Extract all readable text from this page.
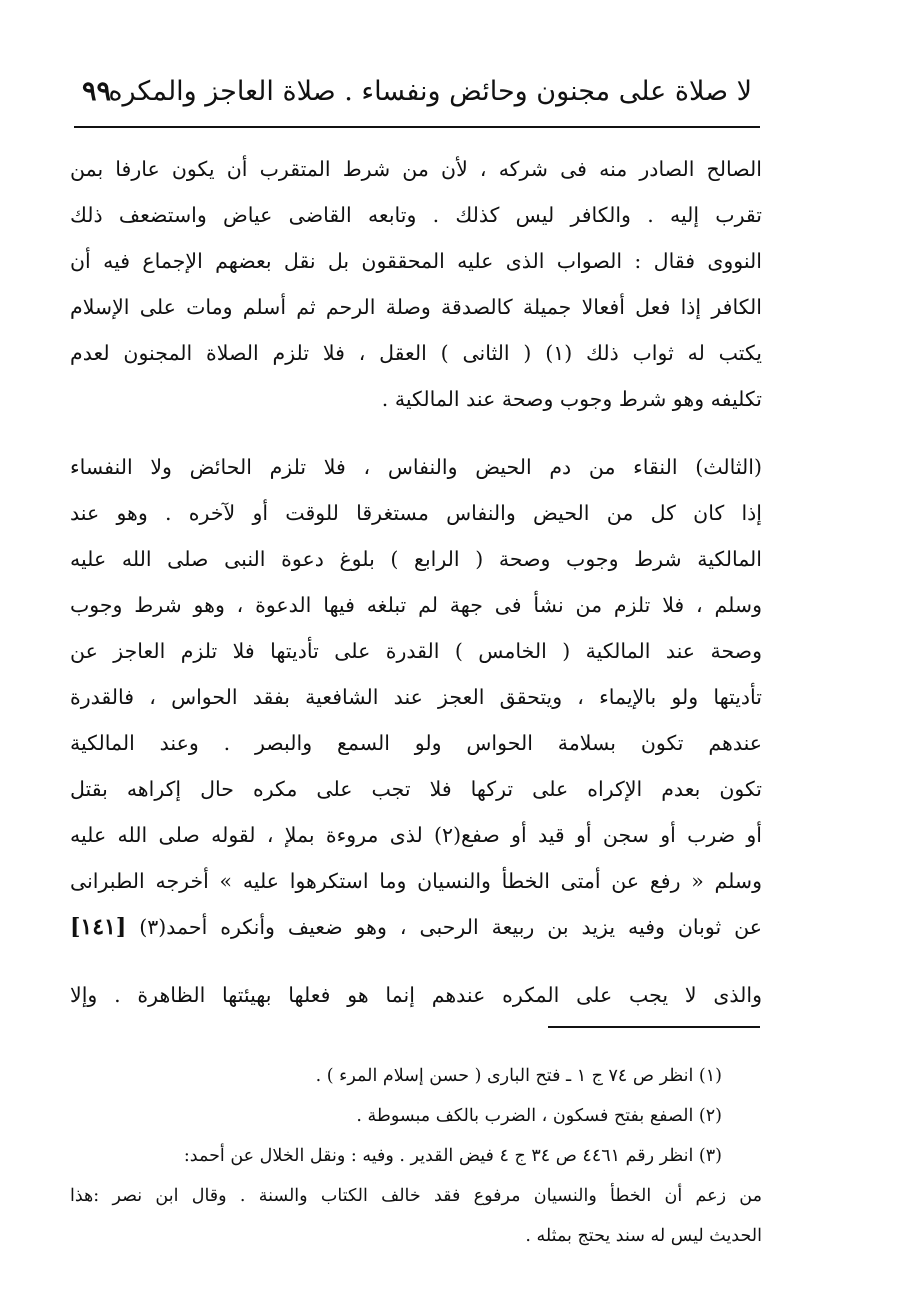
لا صلاة على مجنون وحائض ونفساء . صلاة العاجز والمكره
٩٩
الصالح الصادر منه فى شركه ، لأن من شرط المتقرب أن يكون عارفا بمن
تقرب إليه . والكافر ليس كذلك . وتابعه القاضى عياض واستضعف ذلك
النووى فقال : الصواب الذى عليه المحققون بل نقل بعضهم الإجماع فيه أن
الكافر إذا فعل أفعالا جميلة كالصدقة وصلة الرحم ثم أسلم ومات على الإسلام
يكتب له ثواب ذلك (١) ( الثانى ) العقل ، فلا تلزم الصلاة المجنون لعدم
تكليفه وهو شرط وجوب وصحة عند المالكية .
(الثالث) النقاء من دم الحيض والنفاس ، فلا تلزم الحائض ولا النفساء
إذا كان كل من الحيض والنفاس مستغرقا للوقت أو لآخره . وهو عند
المالكية شرط وجوب وصحة ( الرابع ) بلوغ دعوة النبى صلى الله عليه
وسلم ، فلا تلزم من نشأ فى جهة لم تبلغه فيها الدعوة ، وهو شرط وجوب
وصحة عند المالكية ( الخامس ) القدرة على تأديتها فلا تلزم العاجز عن
تأديتها ولو بالإيماء ، ويتحقق العجز عند الشافعية بفقد الحواس ، فالقدرة
عندهم تكون بسلامة الحواس ولو السمع والبصر . وعند المالكية
تكون بعدم الإكراه على تركها فلا تجب على مكره حال إكراهه بقتل
أو ضرب أو سجن أو قيد أو صفع(٢) لذى مروءة بملإ ، لقوله صلى الله عليه
وسلم « رفع عن أمتى الخطأ والنسيان وما استكرهوا عليه » أخرجه الطبرانى
عن ثوبان وفيه يزيد بن ربيعة الرحبى ، وهو ضعيف وأنكره أحمد(٣) [١٤١]
والذى لا يجب على المكره عندهم إنما هو فعلها بهيئتها الظاهرة . وإلا
(١) انظر ص ٧٤ ج ١ ـ فتح البارى ( حسن إسلام المرء ) .
(٢) الصفع بفتح فسكون ، الضرب بالكف مبسوطة .
(٣) انظر رقم ٤٤٦١ ص ٣٤ ج ٤ فيض القدير . وفيه : ونقل الخلال عن أحمد:
من زعم أن الخطأ والنسيان مرفوع فقد خالف الكتاب والسنة . وقال ابن نصر :هذا
الحديث ليس له سند يحتج بمثله .
